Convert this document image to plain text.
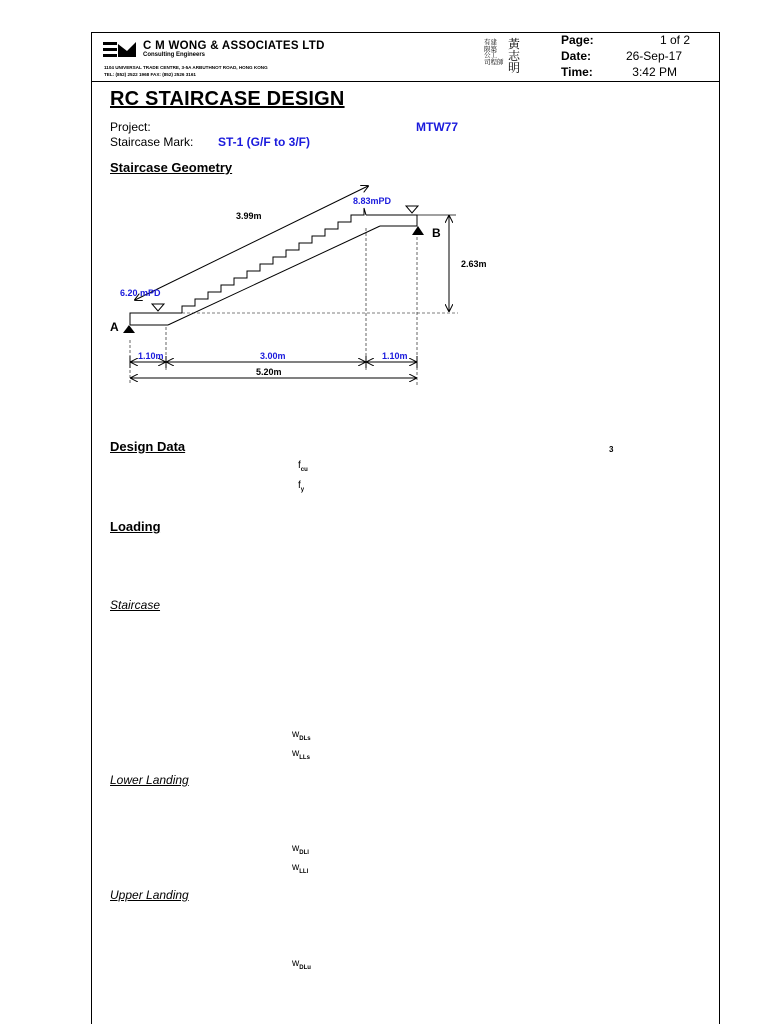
C M WONG & ASSOCIATES LTD
Consulting Engineers
1104 UNIVERSAL TRADE CENTRE, 3-5A ARBUTHNOT ROAD, HONG KONG
TEL: (852) 2522 1968 FAX: (852) 2526 3161
有建
限築
公工
司程師
黃
志
明
Page:	1 of 2
Date:	26-Sep-17
Time:	3:42 PM
RC STAIRCASE DESIGN
Project:	MTW77
Staircase Mark: ST-1 (G/F to 3/F)
Staircase Geometry
8.83mPD
6.20 mPD
3.99m
2.63m
A
B
1.10m	3.00m	1.10m
5.20m
Design Data	3
$f_{cu}$
$f_y$
Loading
Staircase
$w_{DLs}$
$w_{LLs}$
Lower Landing
$w_{DLl}$
$w_{LLl}$
Upper Landing
$w_{DLu}$
